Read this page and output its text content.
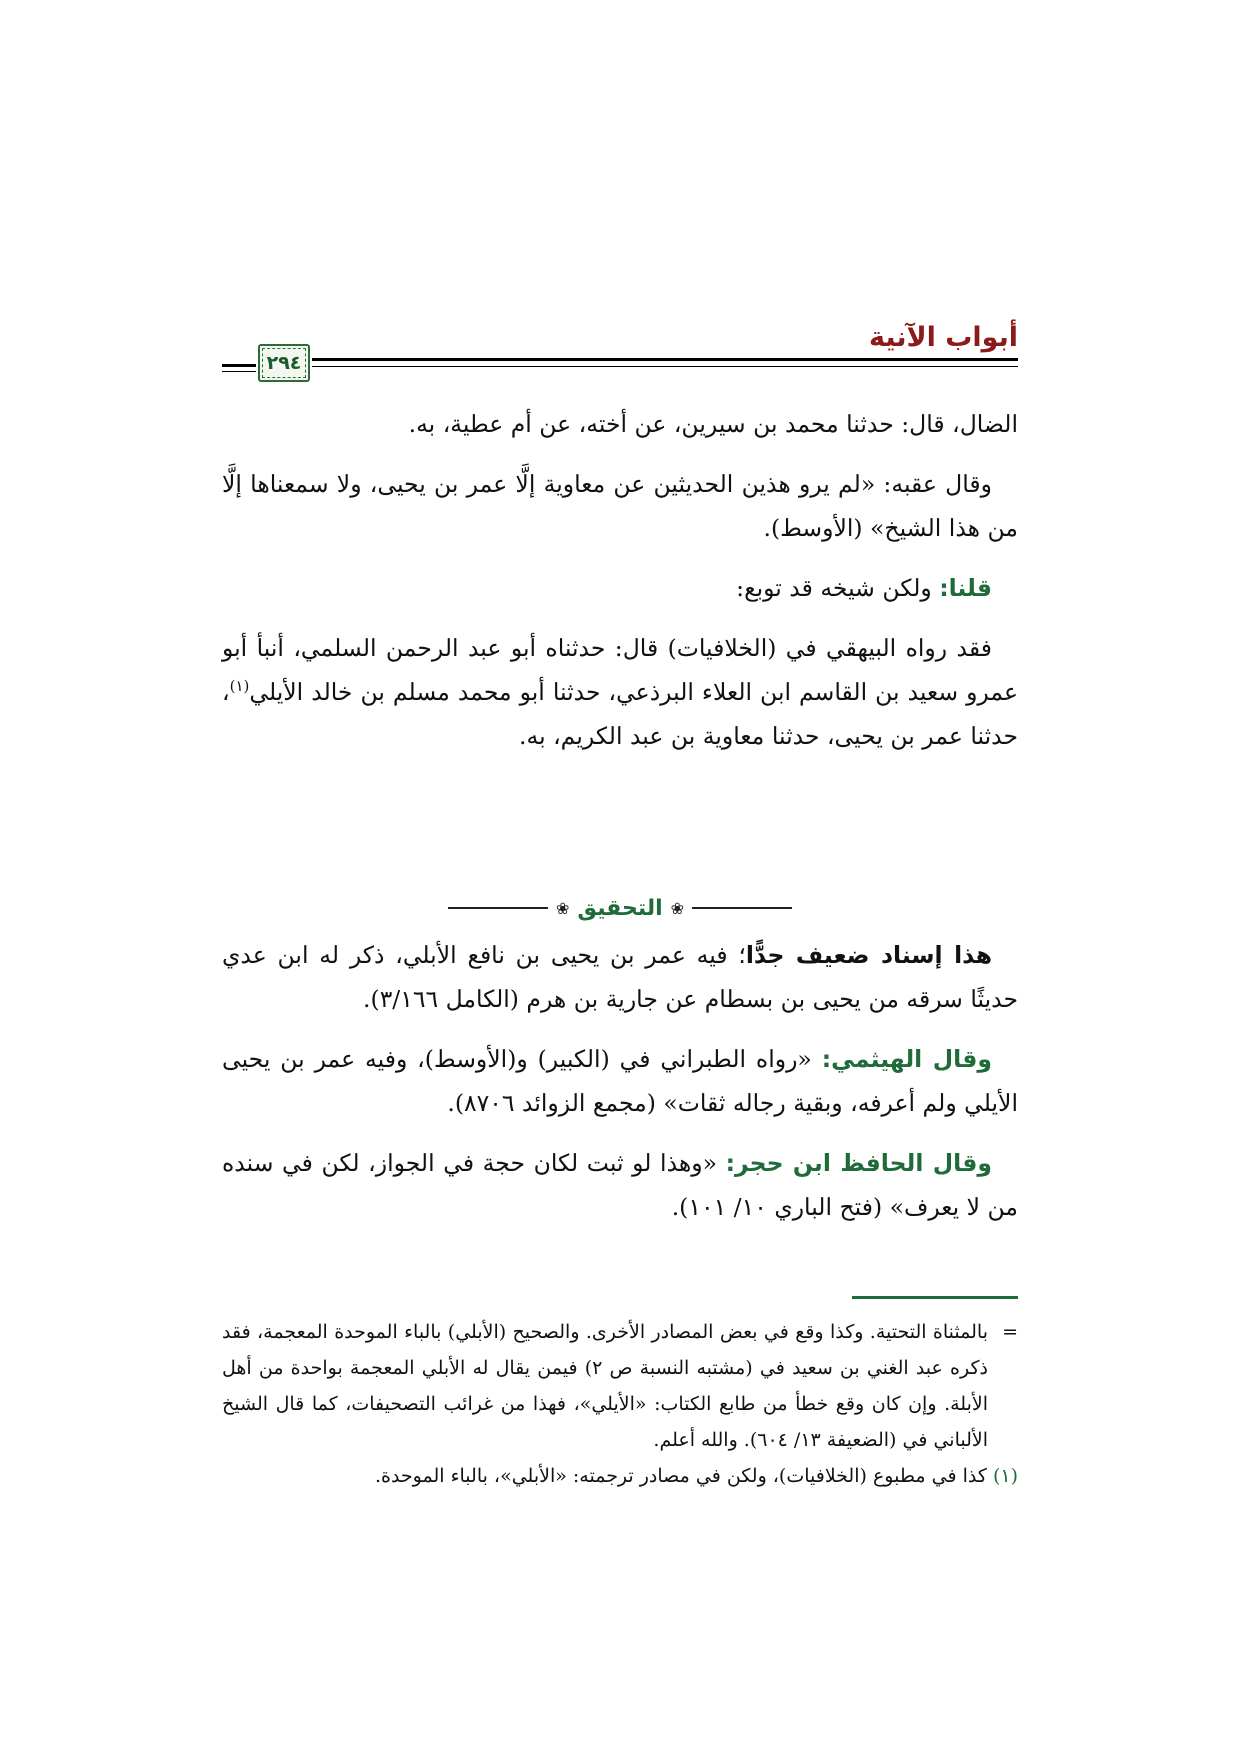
أبواب الآنية
٢٩٤

الضال، قال: حدثنا محمد بن سيرين، عن أخته، عن أم عطية، به.

وقال عقبه: «لم يرو هذين الحديثين عن معاوية إلَّا عمر بن يحيى، ولا سمعناها إلَّا من هذا الشيخ» (الأوسط).

قلنا: ولكن شيخه قد توبع:

فقد رواه البيهقي في (الخلافيات) قال: حدثناه أبو عبد الرحمن السلمي، أنبأ أبو عمرو سعيد بن القاسم ابن العلاء البرذعي، حدثنا أبو محمد مسلم بن خالد الأيلي$^{(١)}$، حدثنا عمر بن يحيى، حدثنا معاوية بن عبد الكريم، به.

❀
التحقيق
❀

هذا إسناد ضعيف جدًّا؛ فيه عمر بن يحيى بن نافع الأبلي، ذكر له ابن عدي حديثًا سرقه من يحيى بن بسطام عن جارية بن هرم (الكامل ٣/١٦٦).

وقال الهيثمي: «رواه الطبراني في (الكبير) و(الأوسط)، وفيه عمر بن يحيى الأيلي ولم أعرفه، وبقية رجاله ثقات» (مجمع الزوائد ٨٧٠٦).

وقال الحافظ ابن حجر: «وهذا لو ثبت لكان حجة في الجواز، لكن في سنده من لا يعرف» (فتح الباري ١٠/ ١٠١).

=
بالمثناة التحتية. وكذا وقع في بعض المصادر الأخرى. والصحيح (الأبلي) بالباء الموحدة المعجمة، فقد ذكره عبد الغني بن سعيد في (مشتبه النسبة ص ٢) فيمن يقال له الأبلي المعجمة بواحدة من أهل الأبلة. وإن كان وقع خطأ من طابع الكتاب: «الأيلي»، فهذا من غرائب التصحيفات، كما قال الشيخ الألباني في (الضعيفة ١٣/ ٦٠٤). والله أعلم.

(١) كذا في مطبوع (الخلافيات)، ولكن في مصادر ترجمته: «الأبلي»، بالباء الموحدة.
